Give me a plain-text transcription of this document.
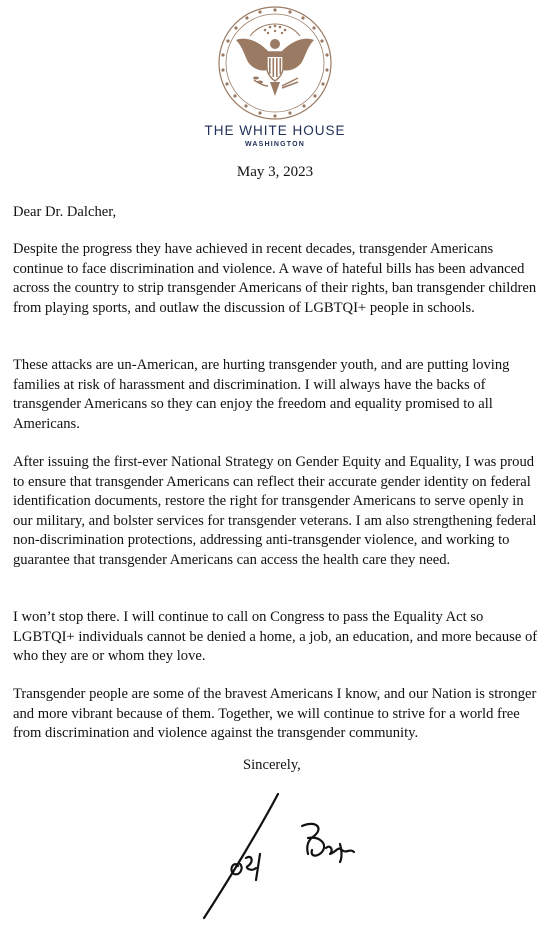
THE WHITE HOUSE
WASHINGTON
May 3, 2023

Dear Dr. Dalcher,

Despite the progress they have achieved in recent decades, transgender Americans continue to face discrimination and violence. A wave of hateful bills has been advanced across the country to strip transgender Americans of their rights, ban transgender children from playing sports, and outlaw the discussion of LGBTQI+ people in schools.

These attacks are un-American, are hurting transgender youth, and are putting loving families at risk of harassment and discrimination. I will always have the backs of transgender Americans so they can enjoy the freedom and equality promised to all Americans.

After issuing the first-ever National Strategy on Gender Equity and Equality, I was proud to ensure that transgender Americans can reflect their accurate gender identity on federal identification documents, restore the right for transgender Americans to serve openly in our military, and bolster services for transgender veterans. I am also strengthening federal non-discrimination protections, addressing anti-transgender violence, and working to guarantee that transgender Americans can access the health care they need.

I won’t stop there. I will continue to call on Congress to pass the Equality Act so LGBTQI+ individuals cannot be denied a home, a job, an education, and more because of who they are or whom they love.

Transgender people are some of the bravest Americans I know, and our Nation is stronger and more vibrant because of them. Together, we will continue to strive for a world free from discrimination and violence against the transgender community.

Sincerely,
